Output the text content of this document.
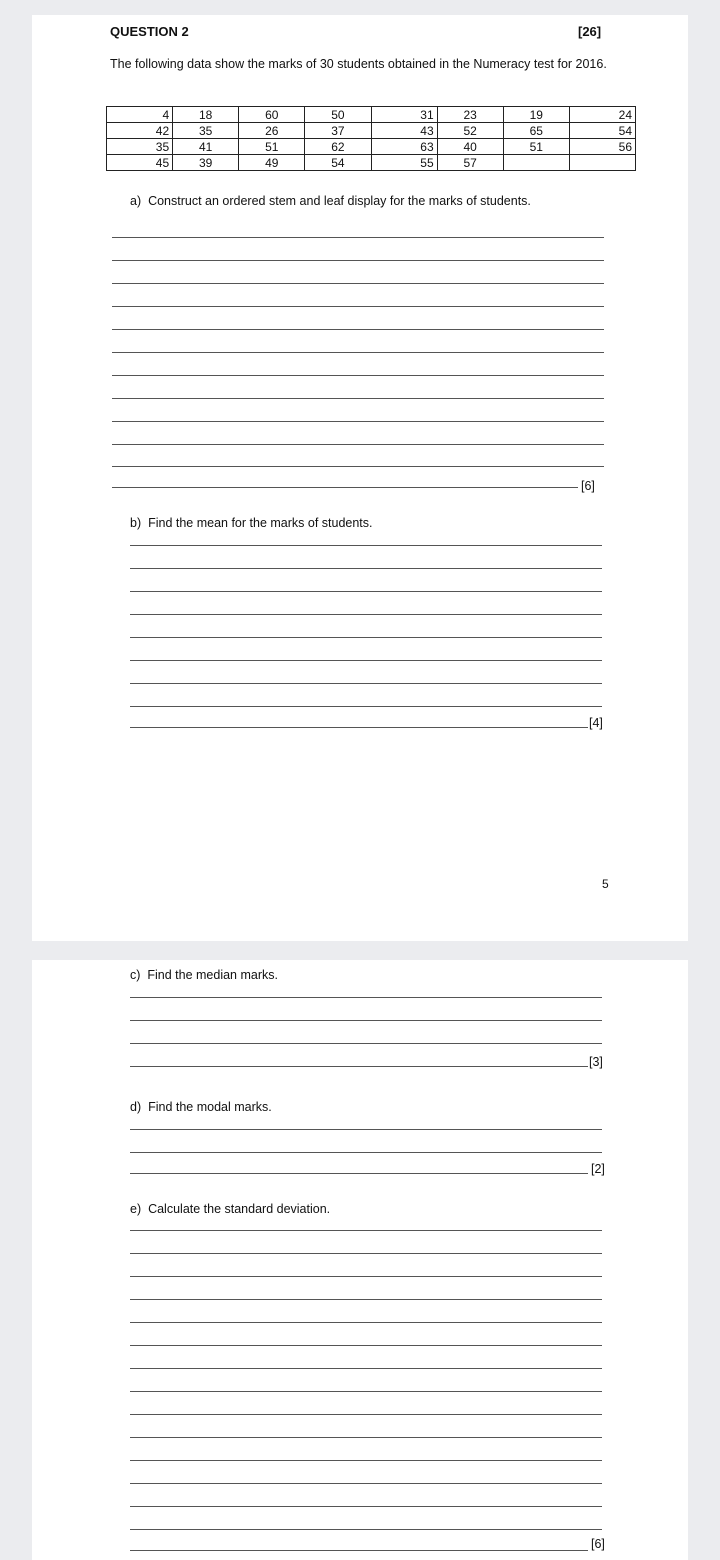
QUESTION 2	[26]
The following data show the marks of 30 students obtained in the Numeracy test for 2016.
4	18	60	50	31	23	19	24
42	35	26	37	43	52	65	54
35	41	51	62	63	40	51	56
45	39	49	54	55	57		
a) Construct an ordered stem and leaf display for the marks of students.
[6]
b) Find the mean for the marks of students.
[4]
5
c) Find the median marks.
[3]
d) Find the modal marks.
[2]
e) Calculate the standard deviation.
[6]
